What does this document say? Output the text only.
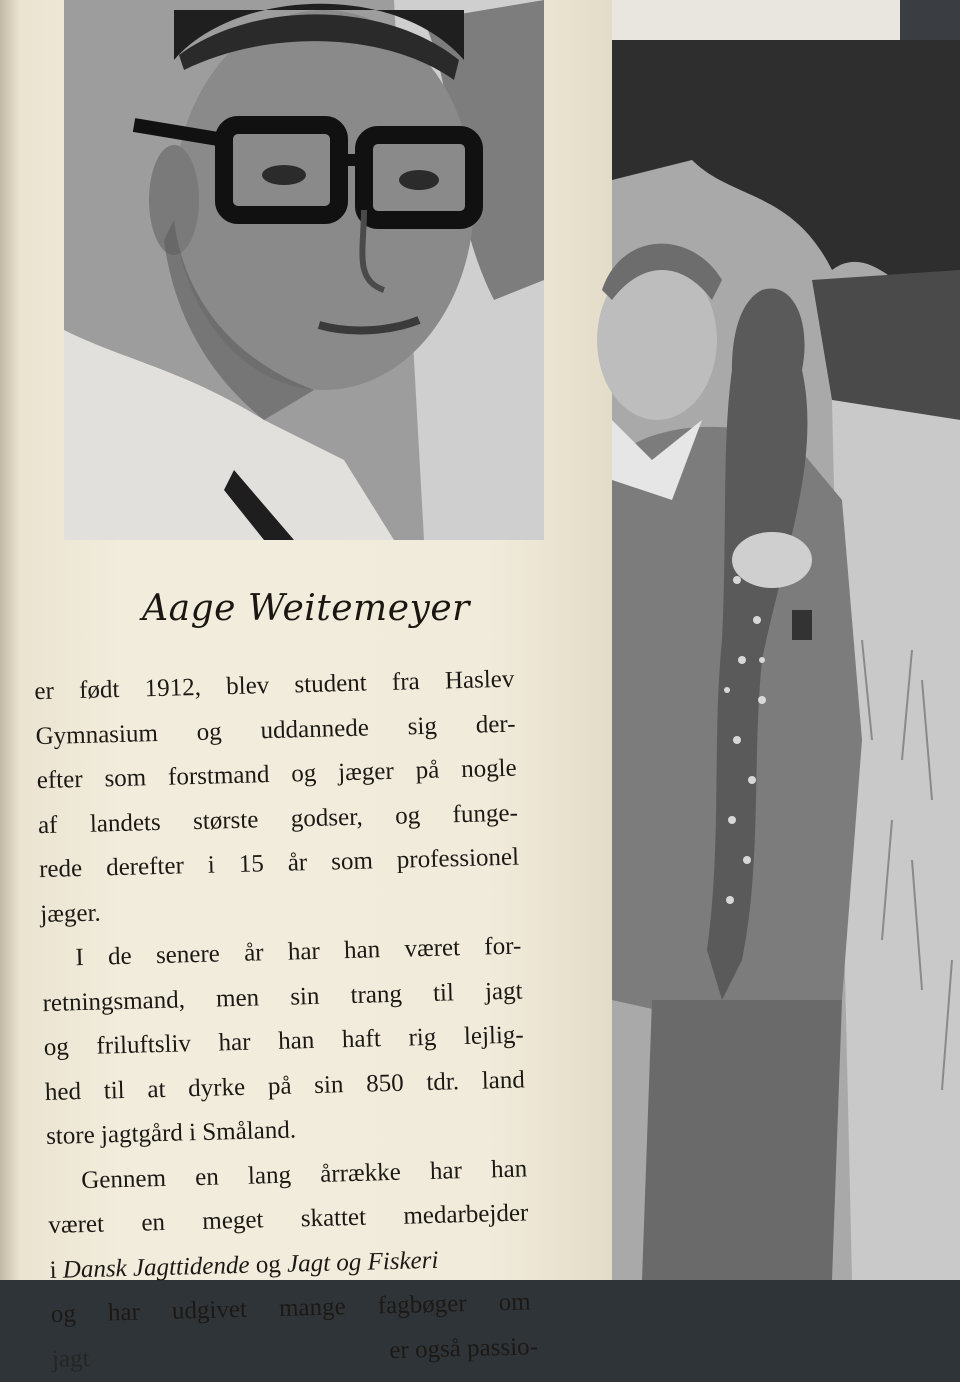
Aage Weitemeyer
er født 1912, blev student fra Haslev
Gymnasium og uddannede sig der-
efter som forstmand og jæger på nogle
af landets største godser, og funge-
rede derefter i 15 år som professionel
jæger.
I de senere år har han været for-
retningsmand, men sin trang til jagt
og friluftsliv har han haft rig lejlig-
hed til at dyrke på sin 850 tdr. land
store jagtgård i Småland.
Gennem en lang årrække har han
været en meget skattet medarbejder
i Dansk Jagttidende og Jagt og Fiskeri
og har udgivet mange fagbøger om
jagt	er også passio-
